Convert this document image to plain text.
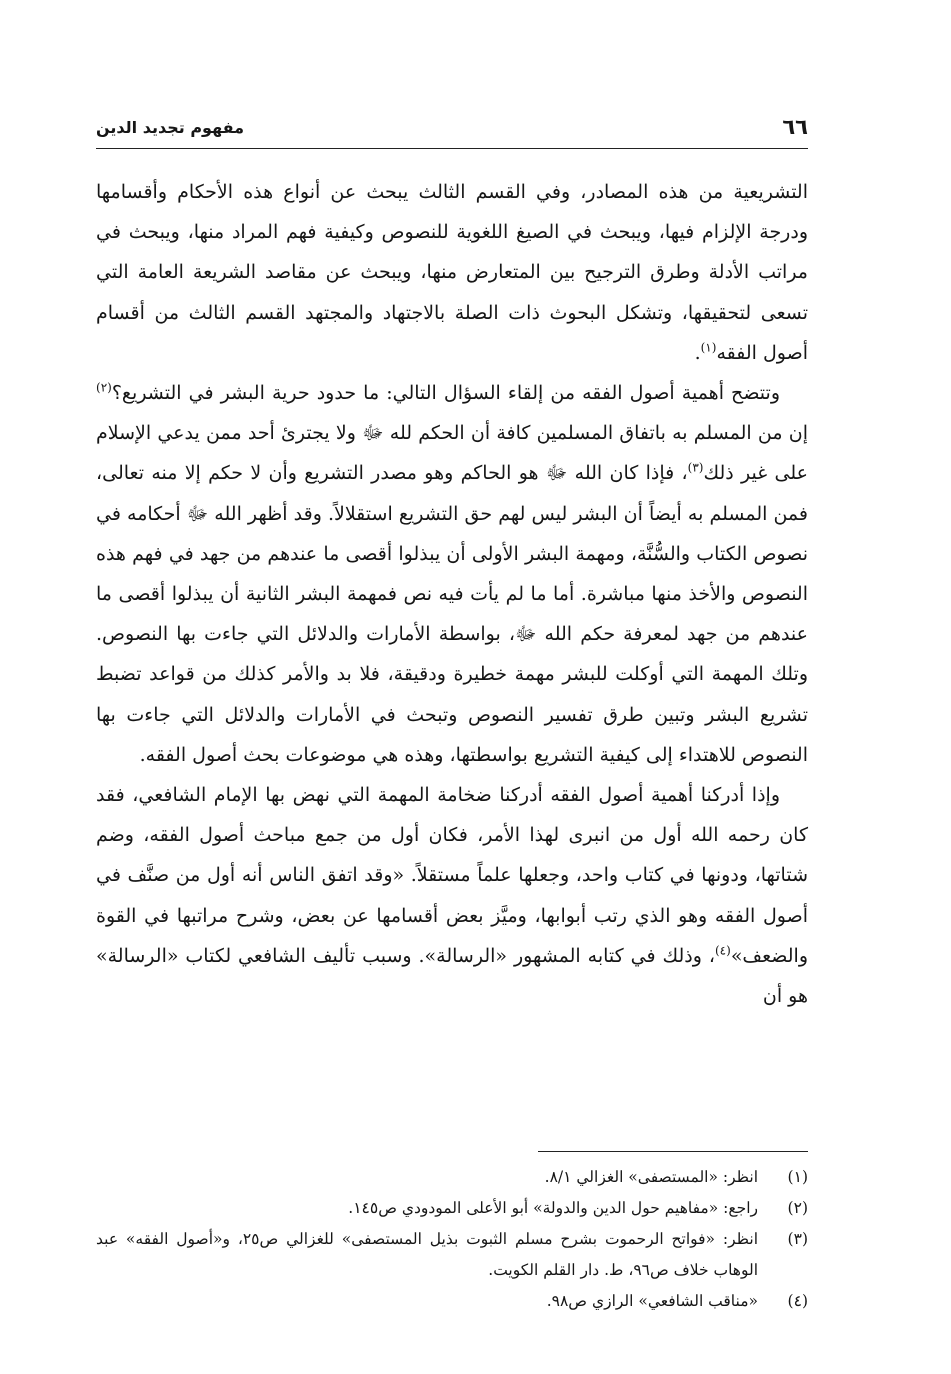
٦٦
مفهوم تجديد الدين

التشريعية من هذه المصادر، وفي القسم الثالث يبحث عن أنواع هذه الأحكام وأقسامها ودرجة الإلزام فيها، ويبحث في الصيغ اللغوية للنصوص وكيفية فهم المراد منها، ويبحث في مراتب الأدلة وطرق الترجيح بين المتعارض منها، ويبحث عن مقاصد الشريعة العامة التي تسعى لتحقيقها، وتشكل البحوث ذات الصلة بالاجتهاد والمجتهد القسم الثالث من أقسام أصول الفقه$^{(١)}$.

وتتضح أهمية أصول الفقه من إلقاء السؤال التالي: ما حدود حرية البشر في التشريع؟$^{(٢)}$ إن من المسلم به باتفاق المسلمين كافة أن الحكم لله ﷻ ولا يجترئ أحد ممن يدعي الإسلام على غير ذلك$^{(٣)}$، فإذا كان الله ﷻ هو الحاكم وهو مصدر التشريع وأن لا حكم إلا منه تعالى، فمن المسلم به أيضاً أن البشر ليس لهم حق التشريع استقلالاً. وقد أظهر الله ﷻ أحكامه في نصوص الكتاب والسُّنَّة، ومهمة البشر الأولى أن يبذلوا أقصى ما عندهم من جهد في فهم هذه النصوص والأخذ منها مباشرة. أما ما لم يأت فيه نص فمهمة البشر الثانية أن يبذلوا أقصى ما عندهم من جهد لمعرفة حكم الله ﷻ، بواسطة الأمارات والدلائل التي جاءت بها النصوص. وتلك المهمة التي أوكلت للبشر مهمة خطيرة ودقيقة، فلا بد والأمر كذلك من قواعد تضبط تشريع البشر وتبين طرق تفسير النصوص وتبحث في الأمارات والدلائل التي جاءت بها النصوص للاهتداء إلى كيفية التشريع بواسطتها، وهذه هي موضوعات بحث أصول الفقه.

وإذا أدركنا أهمية أصول الفقه أدركنا ضخامة المهمة التي نهض بها الإمام الشافعي، فقد كان رحمه الله أول من انبرى لهذا الأمر، فكان أول من جمع مباحث أصول الفقه، وضم شتاتها، ودونها في كتاب واحد، وجعلها علماً مستقلاً. «وقد اتفق الناس أنه أول من صنَّف في أصول الفقه وهو الذي رتب أبوابها، وميَّز بعض أقسامها عن بعض، وشرح مراتبها في القوة والضعف»$^{(٤)}$، وذلك في كتابه المشهور «الرسالة». وسبب تأليف الشافعي لكتاب «الرسالة» هو أن

(١)
انظر: «المستصفى» الغزالي ٨/١.

(٢)
راجع: «مفاهيم حول الدين والدولة» أبو الأعلى المودودي ص١٤٥.

(٣)
انظر: «فواتح الرحموت بشرح مسلم الثبوت بذيل المستصفى» للغزالي ص٢٥، و«أصول الفقه» عبد الوهاب خلاف ص٩٦، ط. دار القلم الكويت.

(٤)
«مناقب الشافعي» الرازي ص٩٨.
